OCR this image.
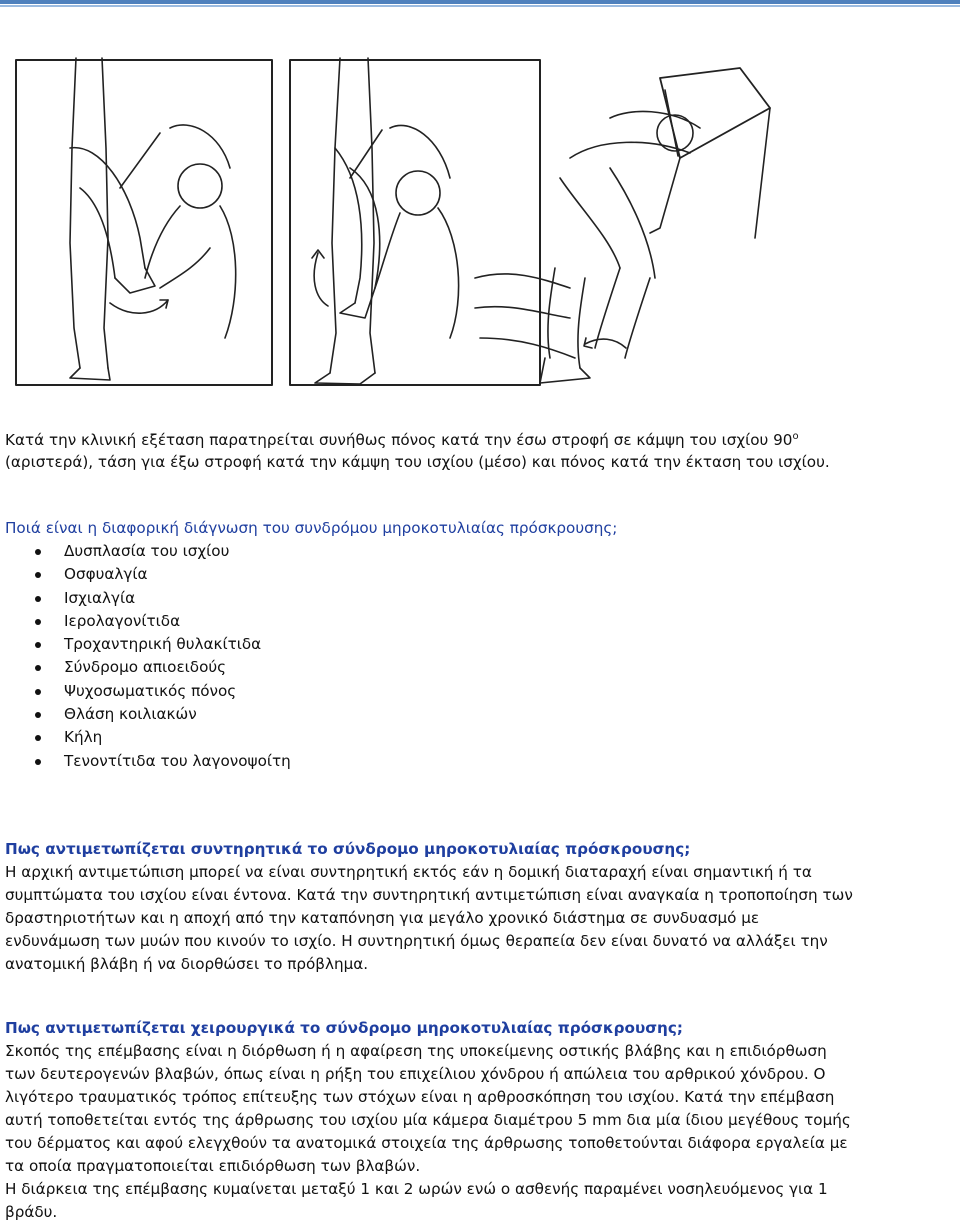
Κατά την κλινική εξέταση παρατηρείται συνήθως πόνος κατά την έσω στροφή σε κάμψη του ισχίου $90^o$
(αριστερά), τάση για έξω στροφή κατά την κάμψη του ισχίου (μέσο) και πόνος κατά την έκταση του ισχίου.
Ποιά είναι η διαφορική διάγνωση του συνδρόμου μηροκοτυλιαίας πρόσκρουσης;
Δυσπλασία του ισχίου
Οσφυαλγία
Ισχιαλγία
Ιερολαγονίτιδα
Τροχαντηρική θυλακίτιδα
Σύνδρομο απιοειδούς
Ψυχοσωματικός πόνος
Θλάση κοιλιακών
Κήλη
Τενοντίτιδα του λαγονοψοίτη
Πως αντιμετωπίζεται συντηρητικά το σύνδρομο μηροκοτυλιαίας πρόσκρουσης;

Η αρχική αντιμετώπιση μπορεί να είναι συντηρητική εκτός εάν η δομική διαταραχή είναι σημαντική ή τα

συμπτώματα του ισχίου είναι έντονα. Κατά την συντηρητική αντιμετώπιση είναι αναγκαία η τροποποίηση των

δραστηριοτήτων και η αποχή από την καταπόνηση για μεγάλο χρονικό διάστημα σε συνδυασμό με

ενδυνάμωση των μυών που κινούν το ισχίο. Η συντηρητική όμως θεραπεία δεν είναι δυνατό να αλλάξει την

ανατομική βλάβη ή να διορθώσει το πρόβλημα.

Πως αντιμετωπίζεται χειρουργικά το σύνδρομο μηροκοτυλιαίας πρόσκρουσης;

Σκοπός της επέμβασης είναι η διόρθωση ή η αφαίρεση της υποκείμενης οστικής βλάβης και η επιδιόρθωση

των δευτερογενών βλαβών, όπως είναι η ρήξη του επιχείλιου χόνδρου ή απώλεια του αρθρικού χόνδρου. Ο

λιγότερο τραυματικός τρόπος επίτευξης των στόχων είναι η αρθροσκόπηση του ισχίου. Κατά την επέμβαση

αυτή τοποθετείται εντός της άρθρωσης του ισχίου μία κάμερα διαμέτρου 5 mm δια μία ίδιου μεγέθους τομής

του δέρματος και αφού ελεγχθούν τα ανατομικά στοιχεία της άρθρωσης τοποθετούνται διάφορα εργαλεία με

τα οποία πραγματοποιείται επιδιόρθωση των βλαβών.

Η διάρκεια της επέμβασης κυμαίνεται μεταξύ 1 και 2 ωρών ενώ ο ασθενής παραμένει νοσηλευόμενος για 1

βράδυ.
